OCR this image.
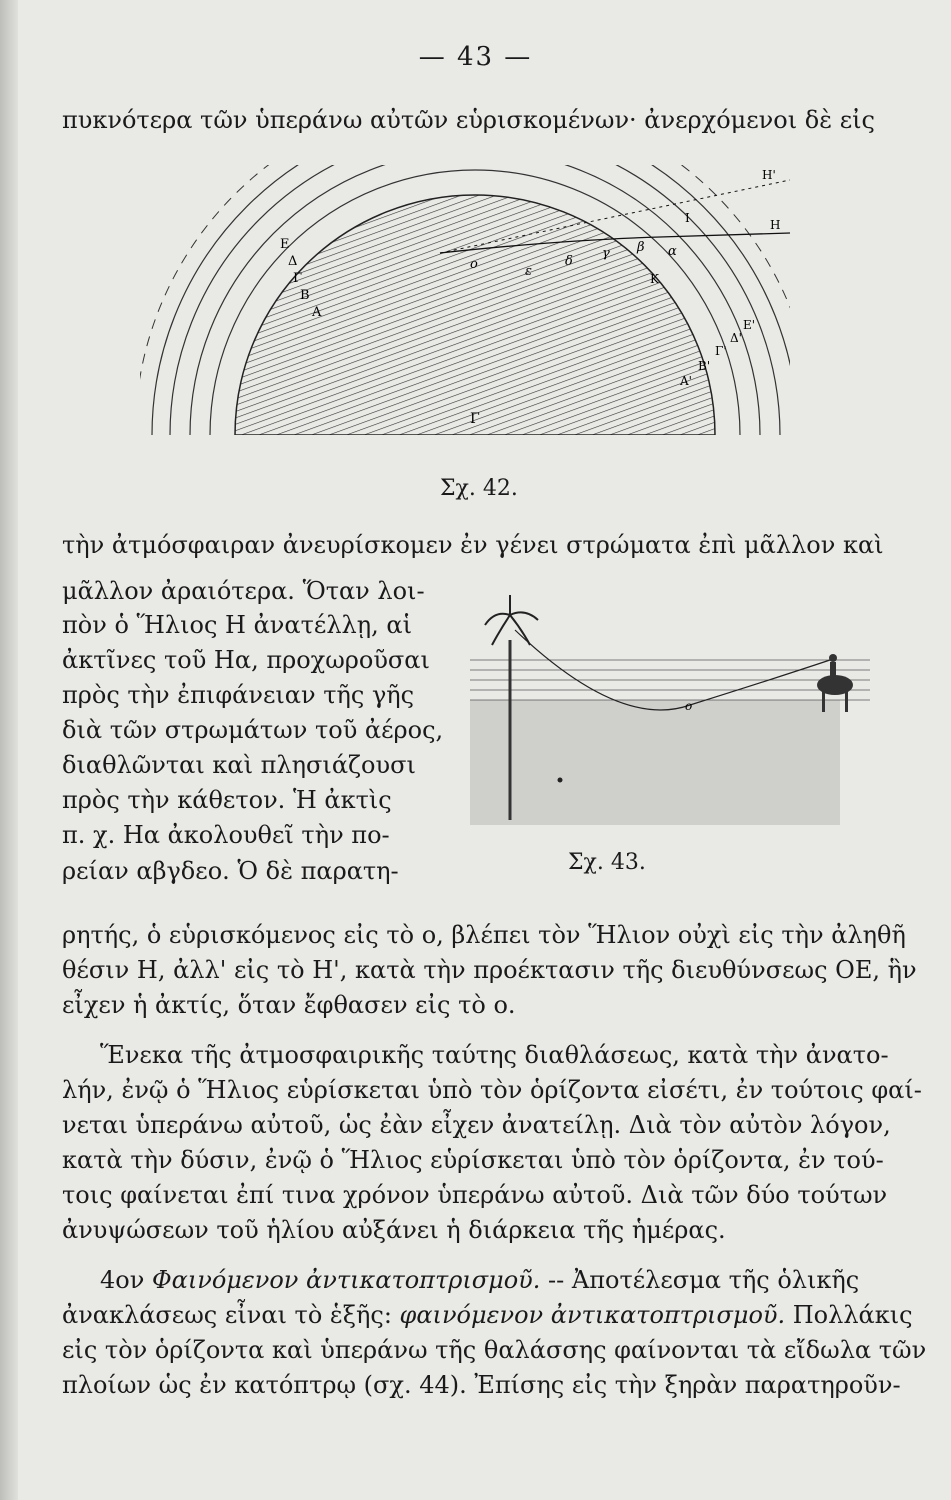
— 43 —
πυκνότερα τῶν ὑπεράνω αὐτῶν εὑρισκομένων· ἀνερχόμενοι δὲ εἰς
Ε
Δ
Γ
Β
Α
ο	ε
δ
γ β α
Ι
Κ
Η
Η'
Α'
Β'
Γ'
Δ'
Ε'
Γ
Σχ. 42.
τὴν ἀτμόσφαιραν ἀνευρίσκομεν ἐν γένει στρώματα ἐπὶ μᾶλλον καὶ
μᾶλλον ἀραιότερα. Ὅταν λοι-
πὸν ὁ Ἥλιος Η ἀνατέλλῃ, αἱ
ἀκτῖνες τοῦ Ηα, προχωροῦσαι
πρὸς τὴν ἐπιφάνειαν τῆς γῆς
διὰ τῶν στρωμάτων τοῦ ἀέρος,
διαθλῶνται καὶ πλησιάζουσι
πρὸς τὴν κάθετον. Ἡ ἀκτὶς
π. χ. Ηα ἀκολουθεῖ τὴν πο-
ρείαν αβγδεο. Ὁ δὲ παρατη-
ο
Σχ. 43.
ρητής, ὁ εὑρισκόμενος εἰς τὸ ο, βλέπει τὸν Ἥλιον οὐχὶ εἰς τὴν ἀληθῆ
θέσιν Η, ἀλλ' εἰς τὸ Η', κατὰ τὴν προέκτασιν τῆς διευθύνσεως ΟΕ, ἣν
εἶχεν ἡ ἀκτίς, ὅταν ἔφθασεν εἰς τὸ ο.
Ἕνεκα τῆς ἀτμοσφαιρικῆς ταύτης διαθλάσεως, κατὰ τὴν ἀνατο-
λήν, ἐνῷ ὁ Ἥλιος εὑρίσκεται ὑπὸ τὸν ὁρίζοντα εἰσέτι, ἐν τούτοις φαί-
νεται ὑπεράνω αὐτοῦ, ὡς ἐὰν εἶχεν ἀνατείλῃ. Διὰ τὸν αὐτὸν λόγον,
κατὰ τὴν δύσιν, ἐνῷ ὁ Ἥλιος εὑρίσκεται ὑπὸ τὸν ὁρίζοντα, ἐν τού-
τοις φαίνεται ἐπί τινα χρόνον ὑπεράνω αὐτοῦ. Διὰ τῶν δύο τούτων
ἀνυψώσεων τοῦ ἡλίου αὐξάνει ἡ διάρκεια τῆς ἡμέρας.
4ον Φαινόμενον ἀντικατοπτρισμοῦ. -- Ἀποτέλεσμα τῆς ὁλικῆς
ἀνακλάσεως εἶναι τὸ ἑξῆς: φαινόμενον ἀντικατοπτρισμοῦ. Πολλάκις
εἰς τὸν ὁρίζοντα καὶ ὑπεράνω τῆς θαλάσσης φαίνονται τὰ εἴδωλα τῶν
πλοίων ὡς ἐν κατόπτρῳ (σχ. 44). Ἐπίσης εἰς τὴν ξηρὰν παρατηροῦν-
